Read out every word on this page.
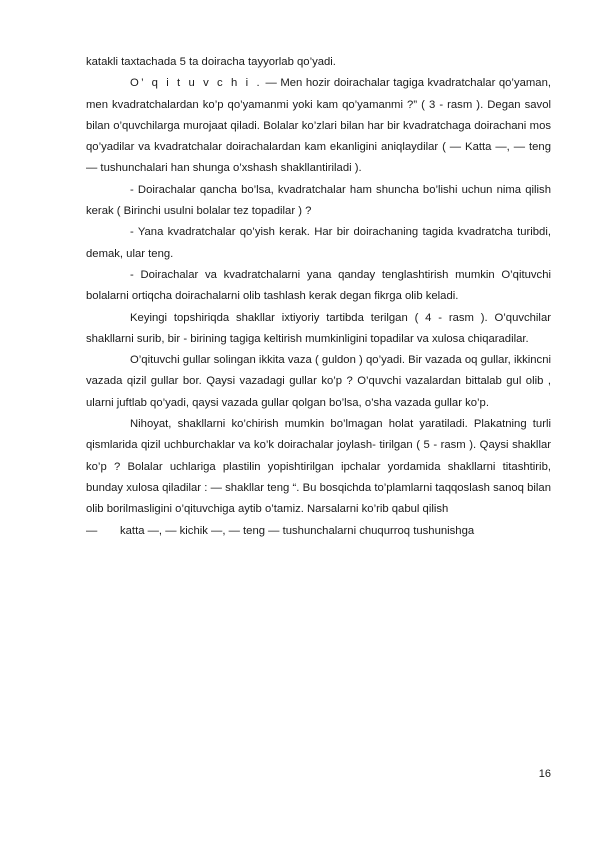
katakli taxtachada 5 ta doiracha tayyorlab qo’yadi.

O’ q i t u v c h i . ― Men hozir doirachalar tagiga kvadratchalar qo’yaman, men kvadratchalardan ko’p qo’yamanmi yoki kam qo’yamanmi ?” ( 3 - rasm ). Degan savol bilan o’quvchilarga murojaat qiladi. Bolalar ko’zlari bilan har bir kvadratchaga doirachani mos qo’yadilar va kvadratchalar doirachalardan kam ekanligini aniqlaydilar ( ― Katta ―, ― teng ― tushunchalari han shunga o’xshash shakllantiriladi ).

- Doirachalar qancha bo’lsa, kvadratchalar ham shuncha bo’lishi uchun nima qilish kerak ( Birinchi usulni bolalar tez topadilar ) ?

- Yana kvadratchalar qo’yish kerak. Har bir doirachaning tagida kvadratcha turibdi, demak, ular teng.

- Doirachalar va kvadratchalarni yana qanday tenglashtirish mumkin O’qituvchi bolalarni ortiqcha doirachalarni olib tashlash kerak degan fikrga olib keladi.

Keyingi topshiriqda shakllar ixtiyoriy tartibda terilgan ( 4 - rasm ). O’quvchilar shakllarni surib, bir - birining tagiga keltirish mumkinligini topadilar va xulosa chiqaradilar.

O’qituvchi gullar solingan ikkita vaza ( guldon ) qo’yadi. Bir vazada oq gullar, ikkincni vazada qizil gullar bor. Qaysi vazadagi gullar ko’p ? O’quvchi vazalardan bittalab gul olib , ularni juftlab qo’yadi, qaysi vazada gullar qolgan bo’lsa, o’sha vazada gullar ko’p.

Nihoyat, shakllarni ko’chirish mumkin bo’lmagan holat yaratiladi. Plakatning turli qismlarida qizil uchburchaklar va ko’k doirachalar joylash- tirilgan ( 5 - rasm ). Qaysi shakllar ko’p ? Bolalar uchlariga plastilin yopishtirilgan ipchalar yordamida shakllarni titashtirib, bunday xulosa qiladilar : ― shakllar teng “. Bu bosqichda to’plamlarni taqqoslash sanoq bilan olib borilmasligini o’qituvchiga aytib o’tamiz. Narsalarni ko’rib qabul qilish

―	katta ―, ― kichik ―, ― teng ― tushunchalarni chuqurroq tushunishga
16
